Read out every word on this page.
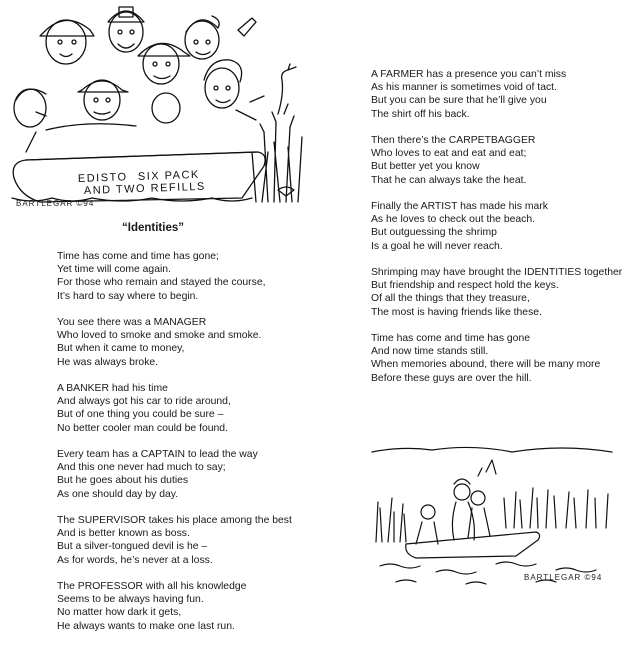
EDISTO SIX PACK
AND TWO REFILLS
BARTLEGAR ©94
“Identities”
Time has come and time has gone;
Yet time will come again.
For those who remain and stayed the course,
It’s hard to say where to begin.
You see there was a MANAGER
Who loved to smoke and smoke and smoke.
But when it came to money,
He was always broke.
A BANKER had his time
And always got his car to ride around,
But of one thing you could be sure –
No better cooler man could be found.
Every team has a CAPTAIN to lead the way
And this one never had much to say;
But he goes about his duties
As one should day by day.
The SUPERVISOR takes his place among the best
And is better known as boss.
But a silver-tongued devil is he –
As for words, he’s never at a loss.
The PROFESSOR with all his knowledge
Seems to be always having fun.
No matter how dark it gets,
He always wants to make one last run.
A FARMER has a presence you can’t miss
As his manner is sometimes void of tact.
But you can be sure that he’ll give you
The shirt off his back.
Then there’s the CARPETBAGGER
Who loves to eat and eat and eat;
But better yet you know
That he can always take the heat.
Finally the ARTIST has made his mark
As he loves to check out the beach.
But outguessing the shrimp
Is a goal he will never reach.
Shrimping may have brought the IDENTITIES together
But friendship and respect hold the keys.
Of all the things that they treasure,
The most is having friends like these.
Time has come and time has gone
And now time stands still.
When memories abound, there will be many more
Before these guys are over the hill.
BARTLEGAR ©94
